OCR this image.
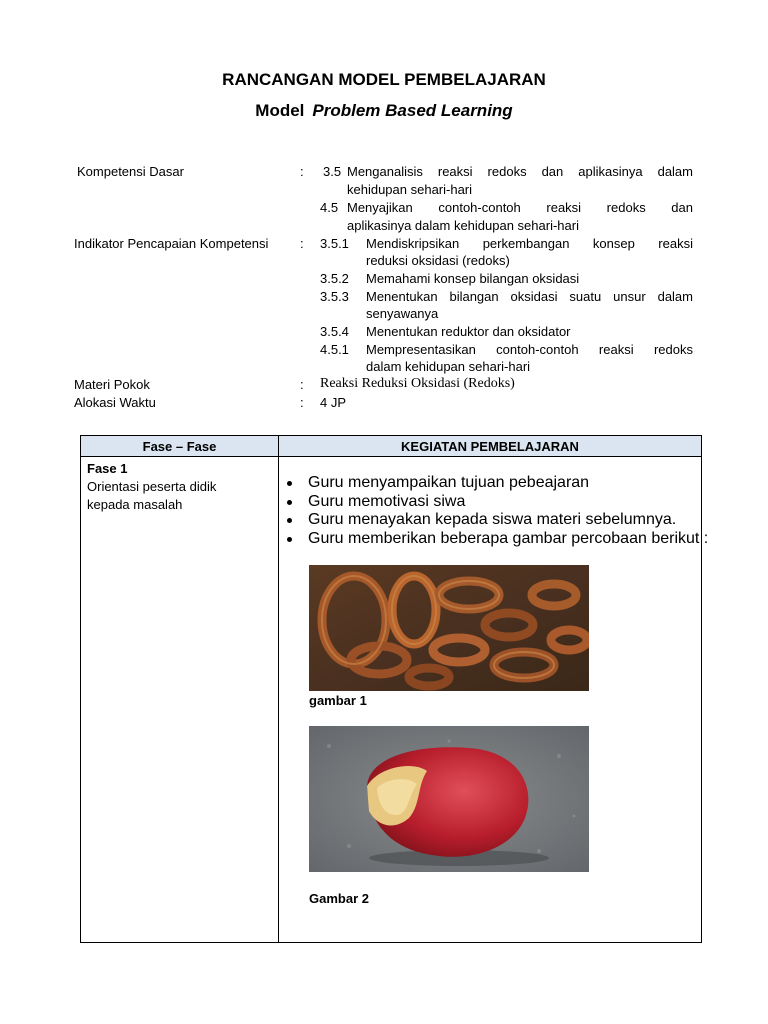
RANCANGAN MODEL PEMBELAJARAN
Model Problem Based Learning
Kompetensi Dasar	: 3.5 Menganalisis reaksi redoks dan aplikasinya dalam
kehidupan sehari-hari
4.5 Menyajikan contoh-contoh reaksi redoks dan
aplikasinya dalam kehidupan sehari-hari
Indikator Pencapaian Kompetensi : 3.5.1 Mendiskripsikan perkembangan konsep reaksi
reduksi oksidasi (redoks)
3.5.2 Memahami konsep bilangan oksidasi
3.5.3 Menentukan bilangan oksidasi suatu unsur dalam
senyawanya
3.5.4 Menentukan reduktor dan oksidator
4.5.1 Mempresentasikan contoh-contoh reaksi redoks
dalam kehidupan sehari-hari
Materi Pokok	: Reaksi Reduksi Oksidasi (Redoks)
Alokasi Waktu	: 4 JP
Fase – Fase	KEGIATAN PEMBELAJARAN

Fase 1
Orientasi peserta didik
kepada masalah	

Guru menyampaikan tujuan pebeajaran
Guru memotivasi siwa
Guru menayakan kepada siswa materi sebelumnya.
Guru memberikan beberapa gambar percobaan berikut :
gambar 1
Gambar 2
